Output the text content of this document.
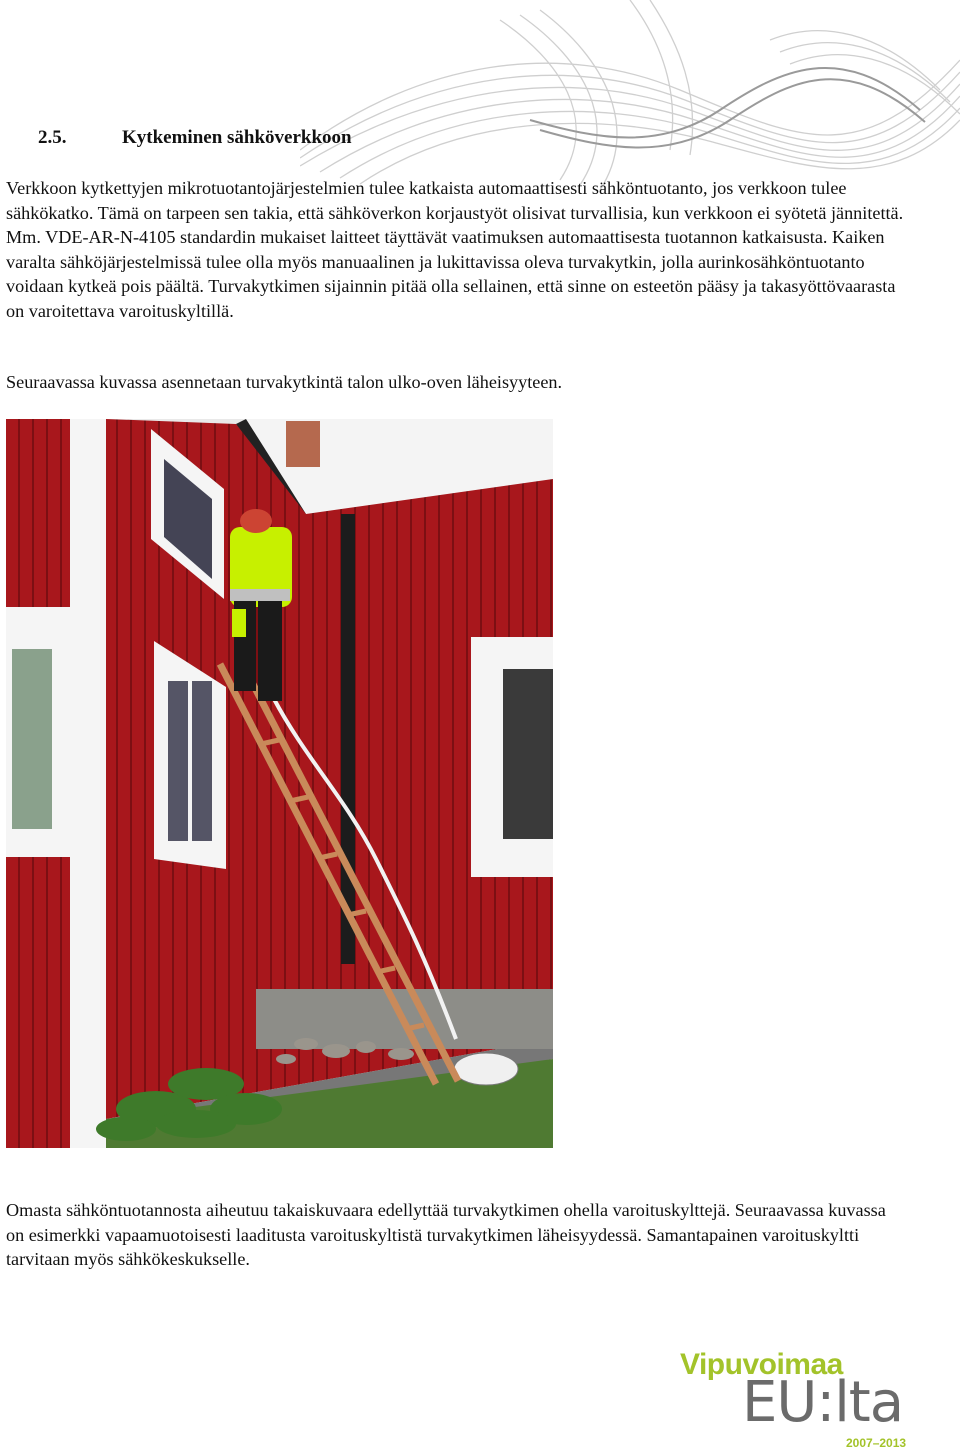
2.5.	Kytkeminen sähköverkkoon

Verkkoon kytkettyjen mikrotuotantojärjestelmien tulee katkaista automaattisesti sähköntuotanto, jos verkkoon tulee sähkökatko. Tämä on tarpeen sen takia, että sähköverkon korjaustyöt olisivat turvallisia, kun verkkoon ei syötetä jännitettä. Mm. VDE-AR-N-4105 standardin mukaiset laitteet täyttävät vaatimuksen automaattisesta tuotannon katkaisusta. Kaiken varalta sähköjärjestelmissä tulee olla myös manuaalinen ja lukittavissa oleva turvakytkin, jolla aurinkosähköntuotanto voidaan kytkeä pois päältä. Turvakytkimen sijainnin pitää olla sellainen, että sinne on esteetön pääsy ja takasyöttövaarasta on varoitettava varoituskyltillä.

Seuraavassa kuvassa asennetaan turvakytkintä talon ulko-oven läheisyyteen.

Omasta sähköntuotannosta aiheutuu takaiskuvaara edellyttää turvakytkimen ohella varoituskylttejä. Seuraavassa kuvassa on esimerkki vapaamuotoisesti laaditusta varoituskyltistä turvakytkimen läheisyydessä. Samantapainen varoituskyltti tarvitaan myös sähkökeskukselle.

Vipuvoimaa
EU:lta
2007–2013
